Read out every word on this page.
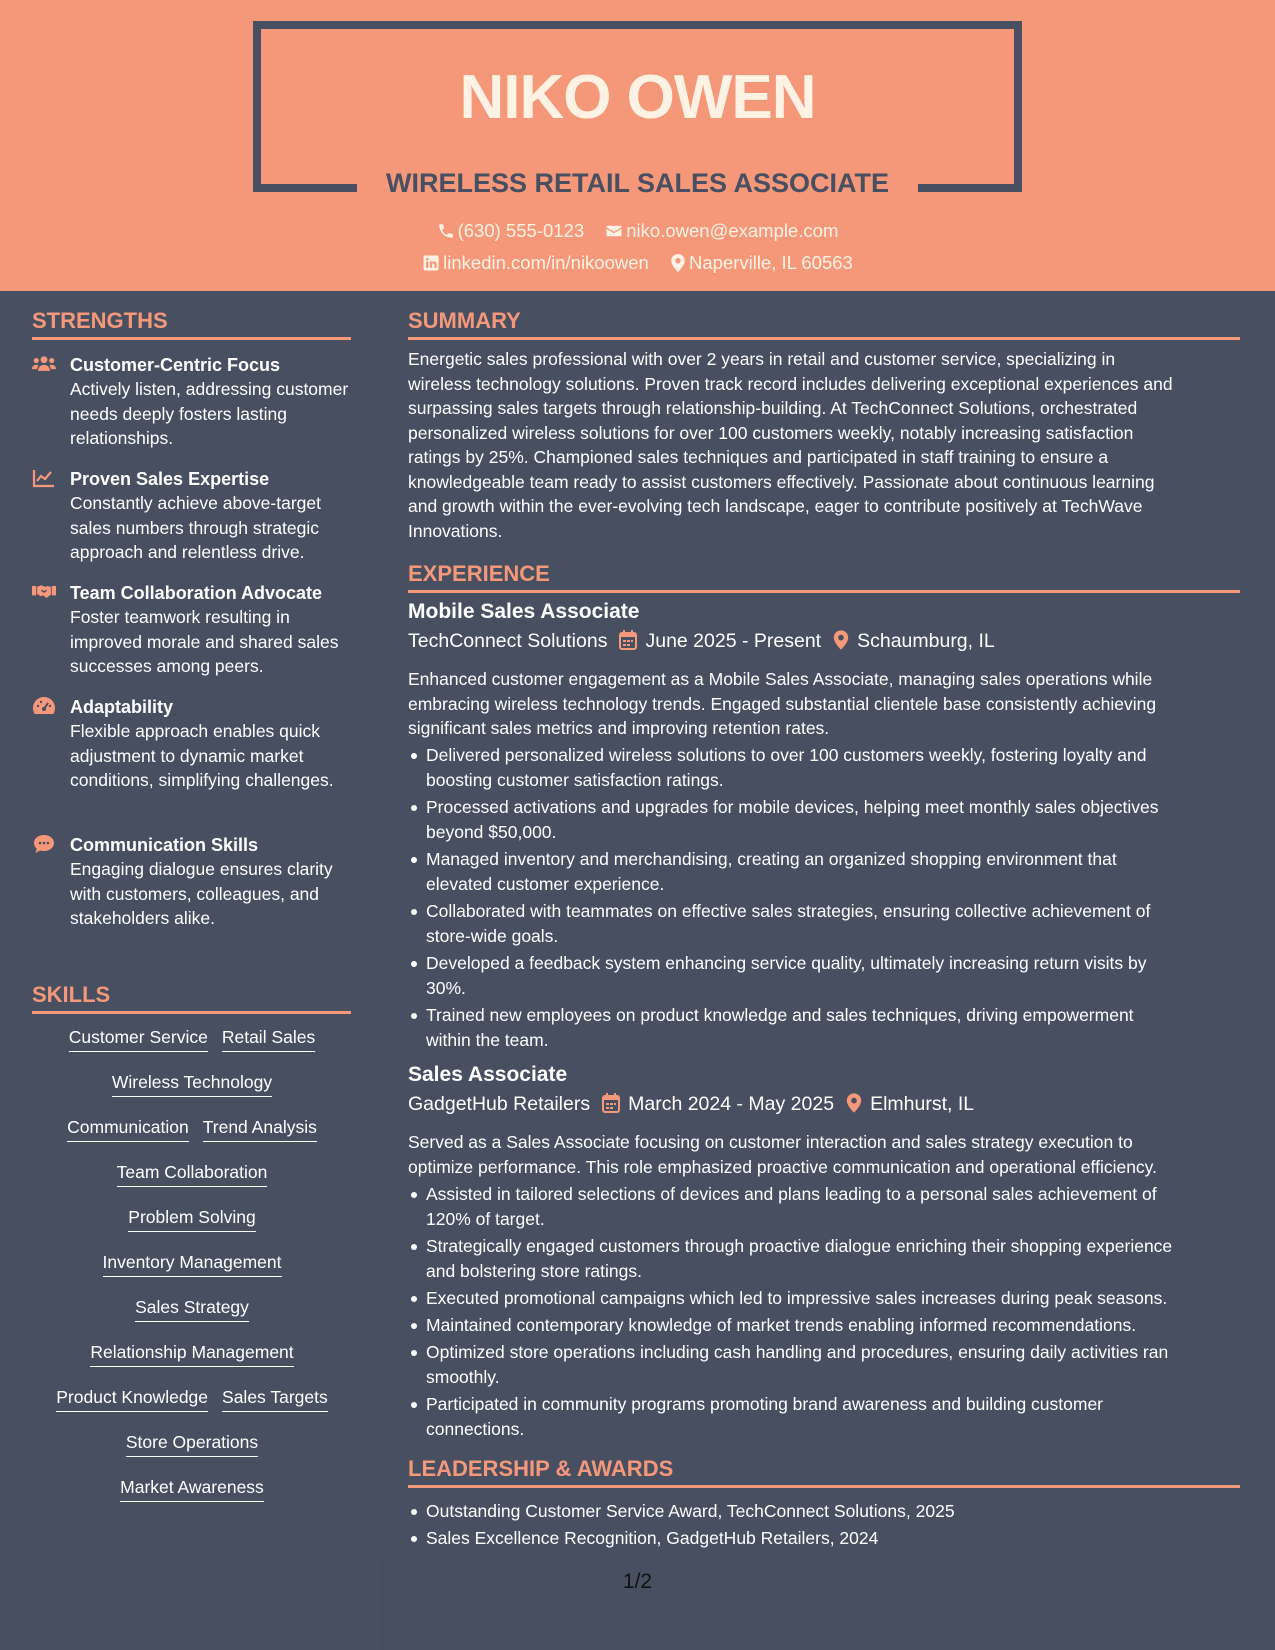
NIKO OWEN
WIRELESS RETAIL SALES ASSOCIATE
(630) 555-0123 niko.owen@example.com
linkedin.com/in/nikoowen Naperville, IL 60563
STRENGTHS
Customer-Centric Focus
Actively listen, addressing customer needs deeply fosters lasting relationships.
Proven Sales Expertise
Constantly achieve above-target sales numbers through strategic approach and relentless drive.
Team Collaboration Advocate
Foster teamwork resulting in improved morale and shared sales successes among peers.
Adaptability
Flexible approach enables quick adjustment to dynamic market conditions, simplifying challenges.
Communication Skills
Engaging dialogue ensures clarity with customers, colleagues, and stakeholders alike.
SKILLS
Customer Service Retail Sales
Wireless Technology
Communication Trend Analysis
Team Collaboration
Problem Solving
Inventory Management
Sales Strategy
Relationship Management
Product Knowledge Sales Targets
Store Operations
Market Awareness
SUMMARY
Energetic sales professional with over 2 years in retail and customer service, specializing in
wireless technology solutions. Proven track record includes delivering exceptional experiences and
surpassing sales targets through relationship-building. At TechConnect Solutions, orchestrated
personalized wireless solutions for over 100 customers weekly, notably increasing satisfaction
ratings by 25%. Championed sales techniques and participated in staff training to ensure a
knowledgeable team ready to assist customers effectively. Passionate about continuous learning
and growth within the ever-evolving tech landscape, eager to contribute positively at TechWave
Innovations.
EXPERIENCE
Mobile Sales Associate
TechConnect Solutions June 2025 - Present Schaumburg, IL
Enhanced customer engagement as a Mobile Sales Associate, managing sales operations while
embracing wireless technology trends. Engaged substantial clientele base consistently achieving
significant sales metrics and improving retention rates.
Delivered personalized wireless solutions to over 100 customers weekly, fostering loyalty and
boosting customer satisfaction ratings.
Processed activations and upgrades for mobile devices, helping meet monthly sales objectives
beyond $50,000.
Managed inventory and merchandising, creating an organized shopping environment that
elevated customer experience.
Collaborated with teammates on effective sales strategies, ensuring collective achievement of
store-wide goals.
Developed a feedback system enhancing service quality, ultimately increasing return visits by
30%.
Trained new employees on product knowledge and sales techniques, driving empowerment
within the team.
Sales Associate
GadgetHub Retailers March 2024 - May 2025 Elmhurst, IL
Served as a Sales Associate focusing on customer interaction and sales strategy execution to
optimize performance. This role emphasized proactive communication and operational efficiency.
Assisted in tailored selections of devices and plans leading to a personal sales achievement of
120% of target.
Strategically engaged customers through proactive dialogue enriching their shopping experience
and bolstering store ratings.
Executed promotional campaigns which led to impressive sales increases during peak seasons.
Maintained contemporary knowledge of market trends enabling informed recommendations.
Optimized store operations including cash handling and procedures, ensuring daily activities ran
smoothly.
Participated in community programs promoting brand awareness and building customer
connections.
LEADERSHIP & AWARDS
Outstanding Customer Service Award, TechConnect Solutions, 2025
Sales Excellence Recognition, GadgetHub Retailers, 2024
1/2
